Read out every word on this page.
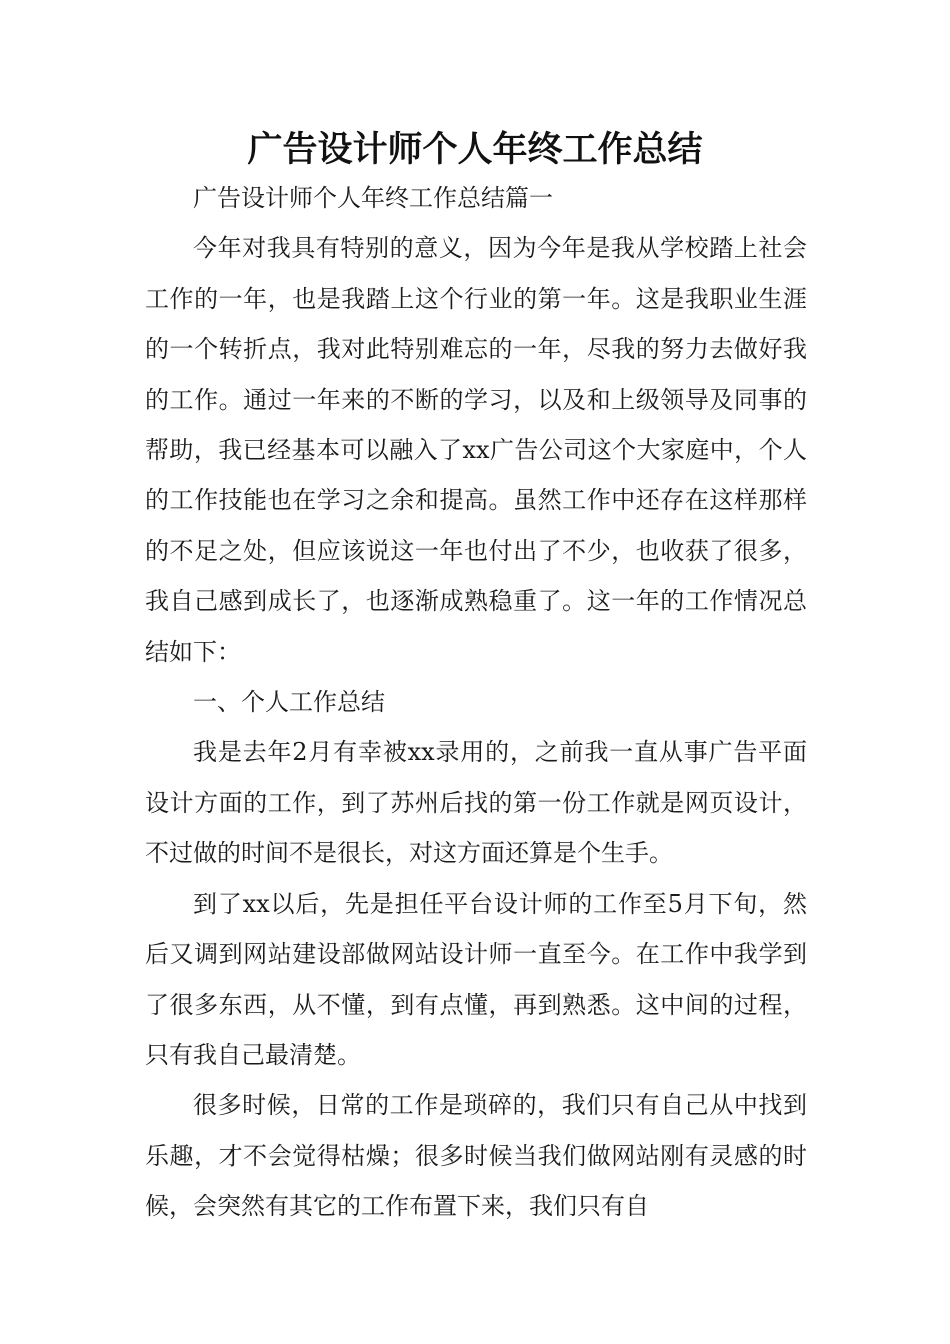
广告设计师个人年终工作总结

广告设计师个人年终工作总结篇一

今年对我具有特别的意义，因为今年是我从学校踏上社会工作的一年，也是我踏上这个行业的第一年。这是我职业生涯的一个转折点，我对此特别难忘的一年，尽我的努力去做好我的工作。通过一年来的不断的学习，以及和上级领导及同事的帮助，我已经基本可以融入了xx广告公司这个大家庭中，个人的工作技能也在学习之余和提高。虽然工作中还存在这样那样的不足之处，但应该说这一年也付出了不少，也收获了很多，我自己感到成长了，也逐渐成熟稳重了。这一年的工作情况总结如下：

一、个人工作总结

我是去年2月有幸被xx录用的，之前我一直从事广告平面设计方面的工作，到了苏州后找的第一份工作就是网页设计，不过做的时间不是很长，对这方面还算是个生手。

到了xx以后，先是担任平台设计师的工作至5月下旬，然后又调到网站建设部做网站设计师一直至今。在工作中我学到了很多东西，从不懂，到有点懂，再到熟悉。这中间的过程，只有我自己最清楚。

很多时候，日常的工作是琐碎的，我们只有自己从中找到乐趣，才不会觉得枯燥；很多时候当我们做网站刚有灵感的时候，会突然有其它的工作布置下来，我们只有自
